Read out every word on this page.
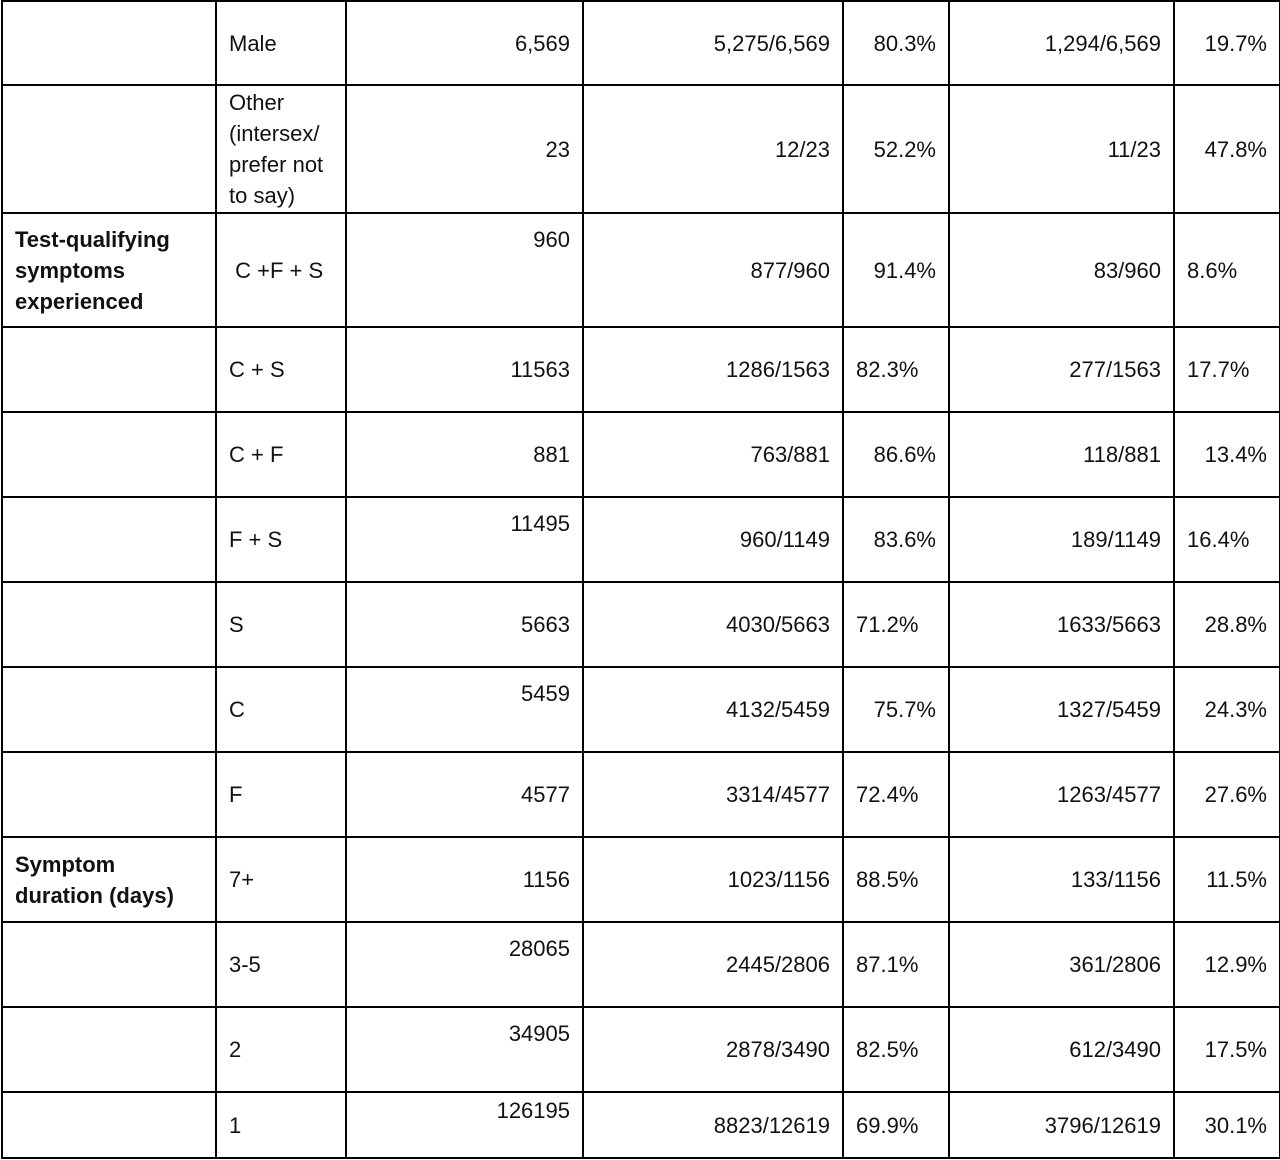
	Male	6,569	5,275/6,569	80.3%	1,294/6,569	19.7%
	Other (intersex/ prefer not to say)	23	12/23	52.2%	11/23	47.8%
Test-qualifying symptoms experienced	C +F + S	960	877/960	91.4%	83/960	8.6%
	C + S	11563	1286/1563	82.3%	277/1563	17.7%
	C + F	881	763/881	86.6%	118/881	13.4%
	F + S	11495	960/1149	83.6%	189/1149	16.4%
	S	5663	4030/5663	71.2%	1633/5663	28.8%
	C	5459	4132/5459	75.7%	1327/5459	24.3%
	F	4577	3314/4577	72.4%	1263/4577	27.6%
Symptom duration (days)	7+	1156	1023/1156	88.5%	133/1156	11.5%
	3-5	28065	2445/2806	87.1%	361/2806	12.9%
	2	34905	2878/3490	82.5%	612/3490	17.5%
	1	126195	8823/12619	69.9%	3796/12619	30.1%
